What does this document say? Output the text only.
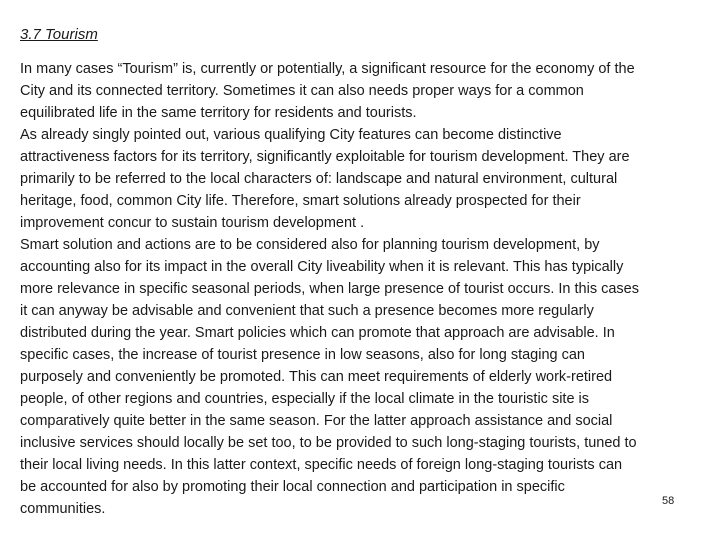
3.7 Tourism
In many cases “Tourism” is, currently or potentially, a significant resource for the economy of the
City and its connected territory. Sometimes it can also needs proper ways for a common
equilibrated life in the same territory for residents and tourists.
As already singly pointed out, various qualifying City features can become distinctive
attractiveness factors for its territory, significantly exploitable for tourism development. They are
primarily to be referred to the local characters of: landscape and natural environment, cultural
heritage, food, common City life. Therefore, smart solutions already prospected for their
improvement concur to sustain tourism development .
Smart solution and actions are to be considered also for planning tourism development, by
accounting also for its impact in the overall City liveability when it is relevant. This has typically
more relevance in specific seasonal periods, when large presence of tourist occurs. In this cases
it can anyway be advisable and convenient that such a presence becomes more regularly
distributed during the year. Smart policies which can promote that approach are advisable. In
specific cases, the increase of tourist presence in low seasons, also for long staging can
purposely and conveniently be promoted. This can meet requirements of elderly work-retired
people, of other regions and countries, especially if the local climate in the touristic site is
comparatively quite better in the same season. For the latter approach assistance and social
inclusive services should locally be set too, to be provided to such long-staging tourists, tuned to
their local living needs. In this latter context, specific needs of foreign long-staging tourists can
be accounted for also by promoting their local connection and participation in specific
communities.	58
